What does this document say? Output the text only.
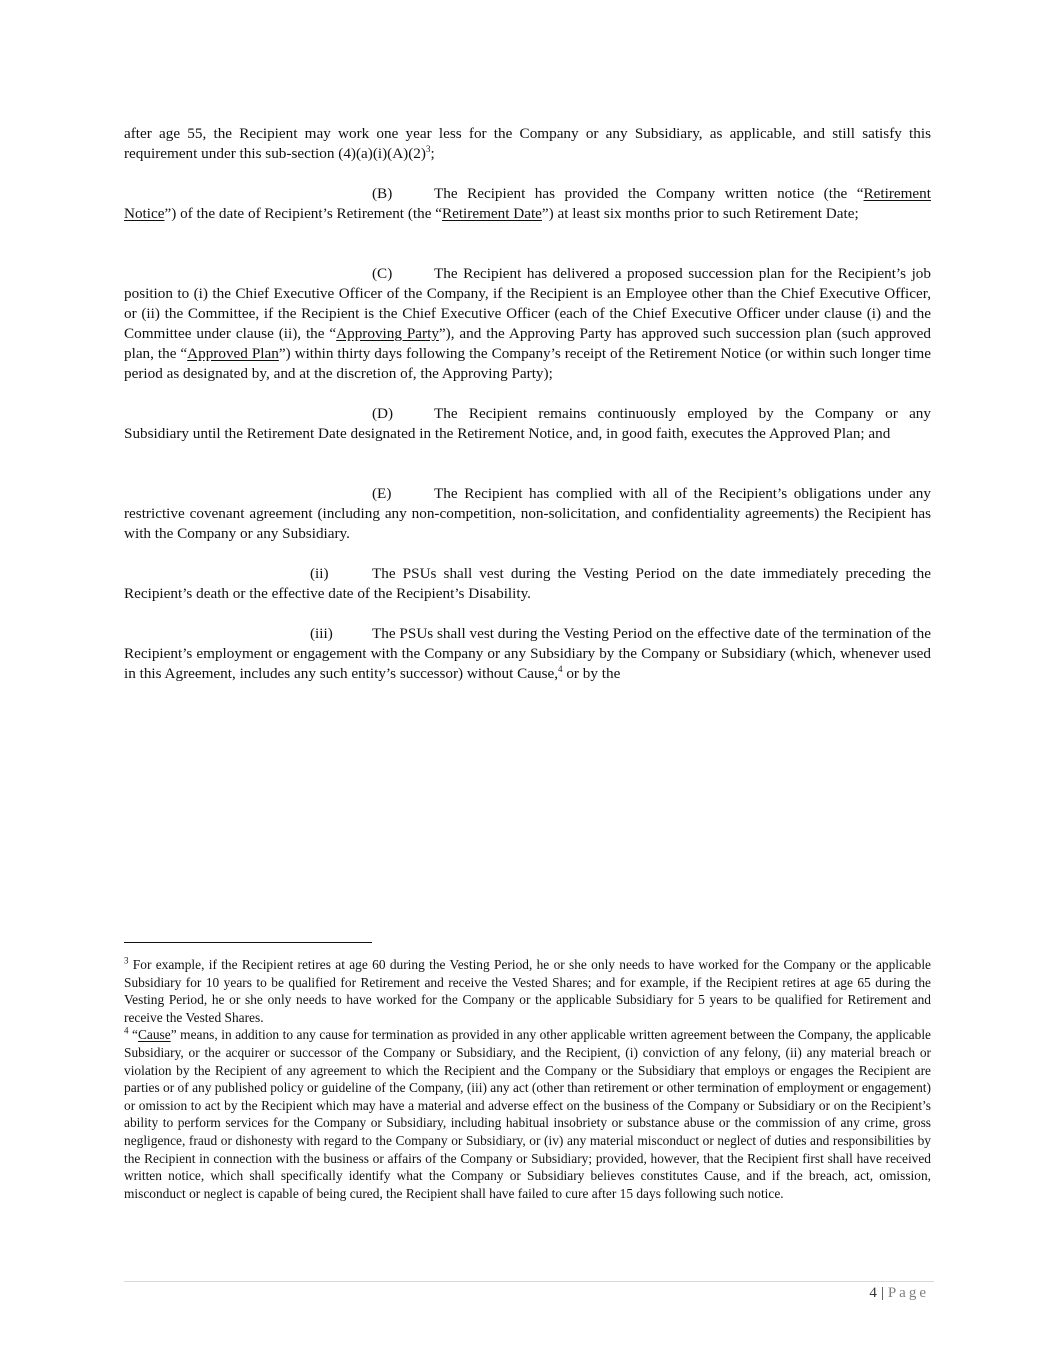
after age 55, the Recipient may work one year less for the Company or any Subsidiary, as applicable, and still satisfy this requirement under this sub-section $(4)(a)(i)(A)(2)^3$;

(B)	The Recipient has provided the Company written notice (the “Retirement Notice”) of the date of Recipient’s Retirement (the “Retirement Date”) at least six months prior to such Retirement Date;

(C)	The Recipient has delivered a proposed succession plan for the Recipient’s job position to (i) the Chief Executive Officer of the Company, if the Recipient is an Employee other than the Chief Executive Officer, or (ii) the Committee, if the Recipient is the Chief Executive Officer (each of the Chief Executive Officer under clause (i) and the Committee under clause (ii), the “Approving Party”), and the Approving Party has approved such succession plan (such approved plan, the “Approved Plan”) within thirty days following the Company’s receipt of the Retirement Notice (or within such longer time period as designated by, and at the discretion of, the Approving Party);

(D)	The Recipient remains continuously employed by the Company or any Subsidiary until the Retirement Date designated in the Retirement Notice, and, in good faith, executes the Approved Plan; and

(E)	The Recipient has complied with all of the Recipient’s obligations under any restrictive covenant agreement (including any non-competition, non-solicitation, and confidentiality agreements) the Recipient has with the Company or any Subsidiary.

(ii)	The PSUs shall vest during the Vesting Period on the date immediately preceding the Recipient’s death or the effective date of the Recipient’s Disability.

(iii)	The PSUs shall vest during the Vesting Period on the effective date of the termination of the Recipient’s employment or engagement with the Company or any Subsidiary by the Company or Subsidiary (which, whenever used in this Agreement, includes any such entity’s successor) without Cause,$^4$ or by the

$^3$ For example, if the Recipient retires at age 60 during the Vesting Period, he or she only needs to have worked for the Company or the applicable Subsidiary for 10 years to be qualified for Retirement and receive the Vested Shares; and for example, if the Recipient retires at age 65 during the Vesting Period, he or she only needs to have worked for the Company or the applicable Subsidiary for 5 years to be qualified for Retirement and receive the Vested Shares.

$^4$ “Cause” means, in addition to any cause for termination as provided in any other applicable written agreement between the Company, the applicable Subsidiary, or the acquirer or successor of the Company or Subsidiary, and the Recipient, (i) conviction of any felony, (ii) any material breach or violation by the Recipient of any agreement to which the Recipient and the Company or the Subsidiary that employs or engages the Recipient are parties or of any published policy or guideline of the Company, (iii) any act (other than retirement or other termination of employment or engagement) or omission to act by the Recipient which may have a material and adverse effect on the business of the Company or Subsidiary or on the Recipient’s ability to perform services for the Company or Subsidiary, including habitual insobriety or substance abuse or the commission of any crime, gross negligence, fraud or dishonesty with regard to the Company or Subsidiary, or (iv) any material misconduct or neglect of duties and responsibilities by the Recipient in connection with the business or affairs of the Company or Subsidiary; provided, however, that the Recipient first shall have received written notice, which shall specifically identify what the Company or Subsidiary believes constitutes Cause, and if the breach, act, omission, misconduct or neglect is capable of being cured, the Recipient shall have failed to cure after 15 days following such notice.

4 | Page
